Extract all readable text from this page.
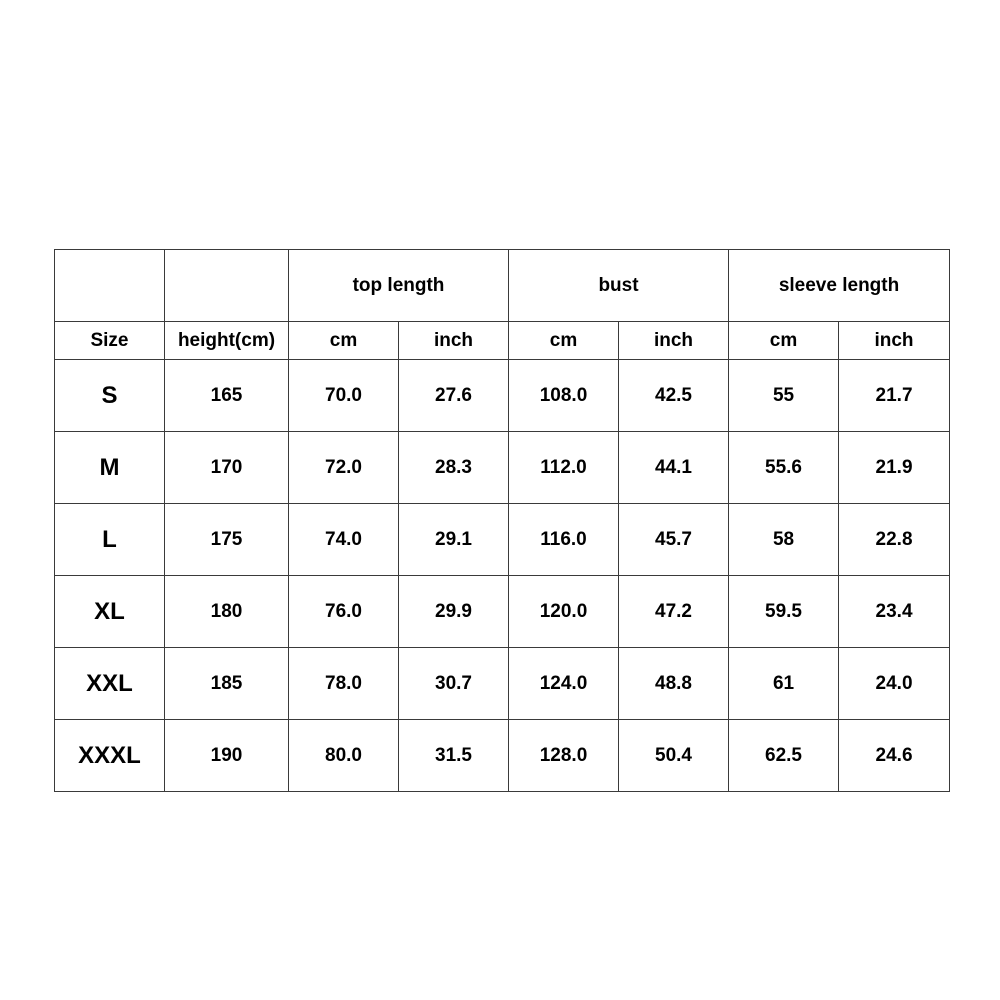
		top length		bust		sleeve length	
Size	height(cm)	cm	inch	cm	inch	cm	inch
S	165	70.0	27.6	108.0	42.5	55	21.7
M	170	72.0	28.3	112.0	44.1	55.6	21.9
L	175	74.0	29.1	116.0	45.7	58	22.8
XL	180	76.0	29.9	120.0	47.2	59.5	23.4
XXL	185	78.0	30.7	124.0	48.8	61	24.0
XXXL	190	80.0	31.5	128.0	50.4	62.5	24.6
